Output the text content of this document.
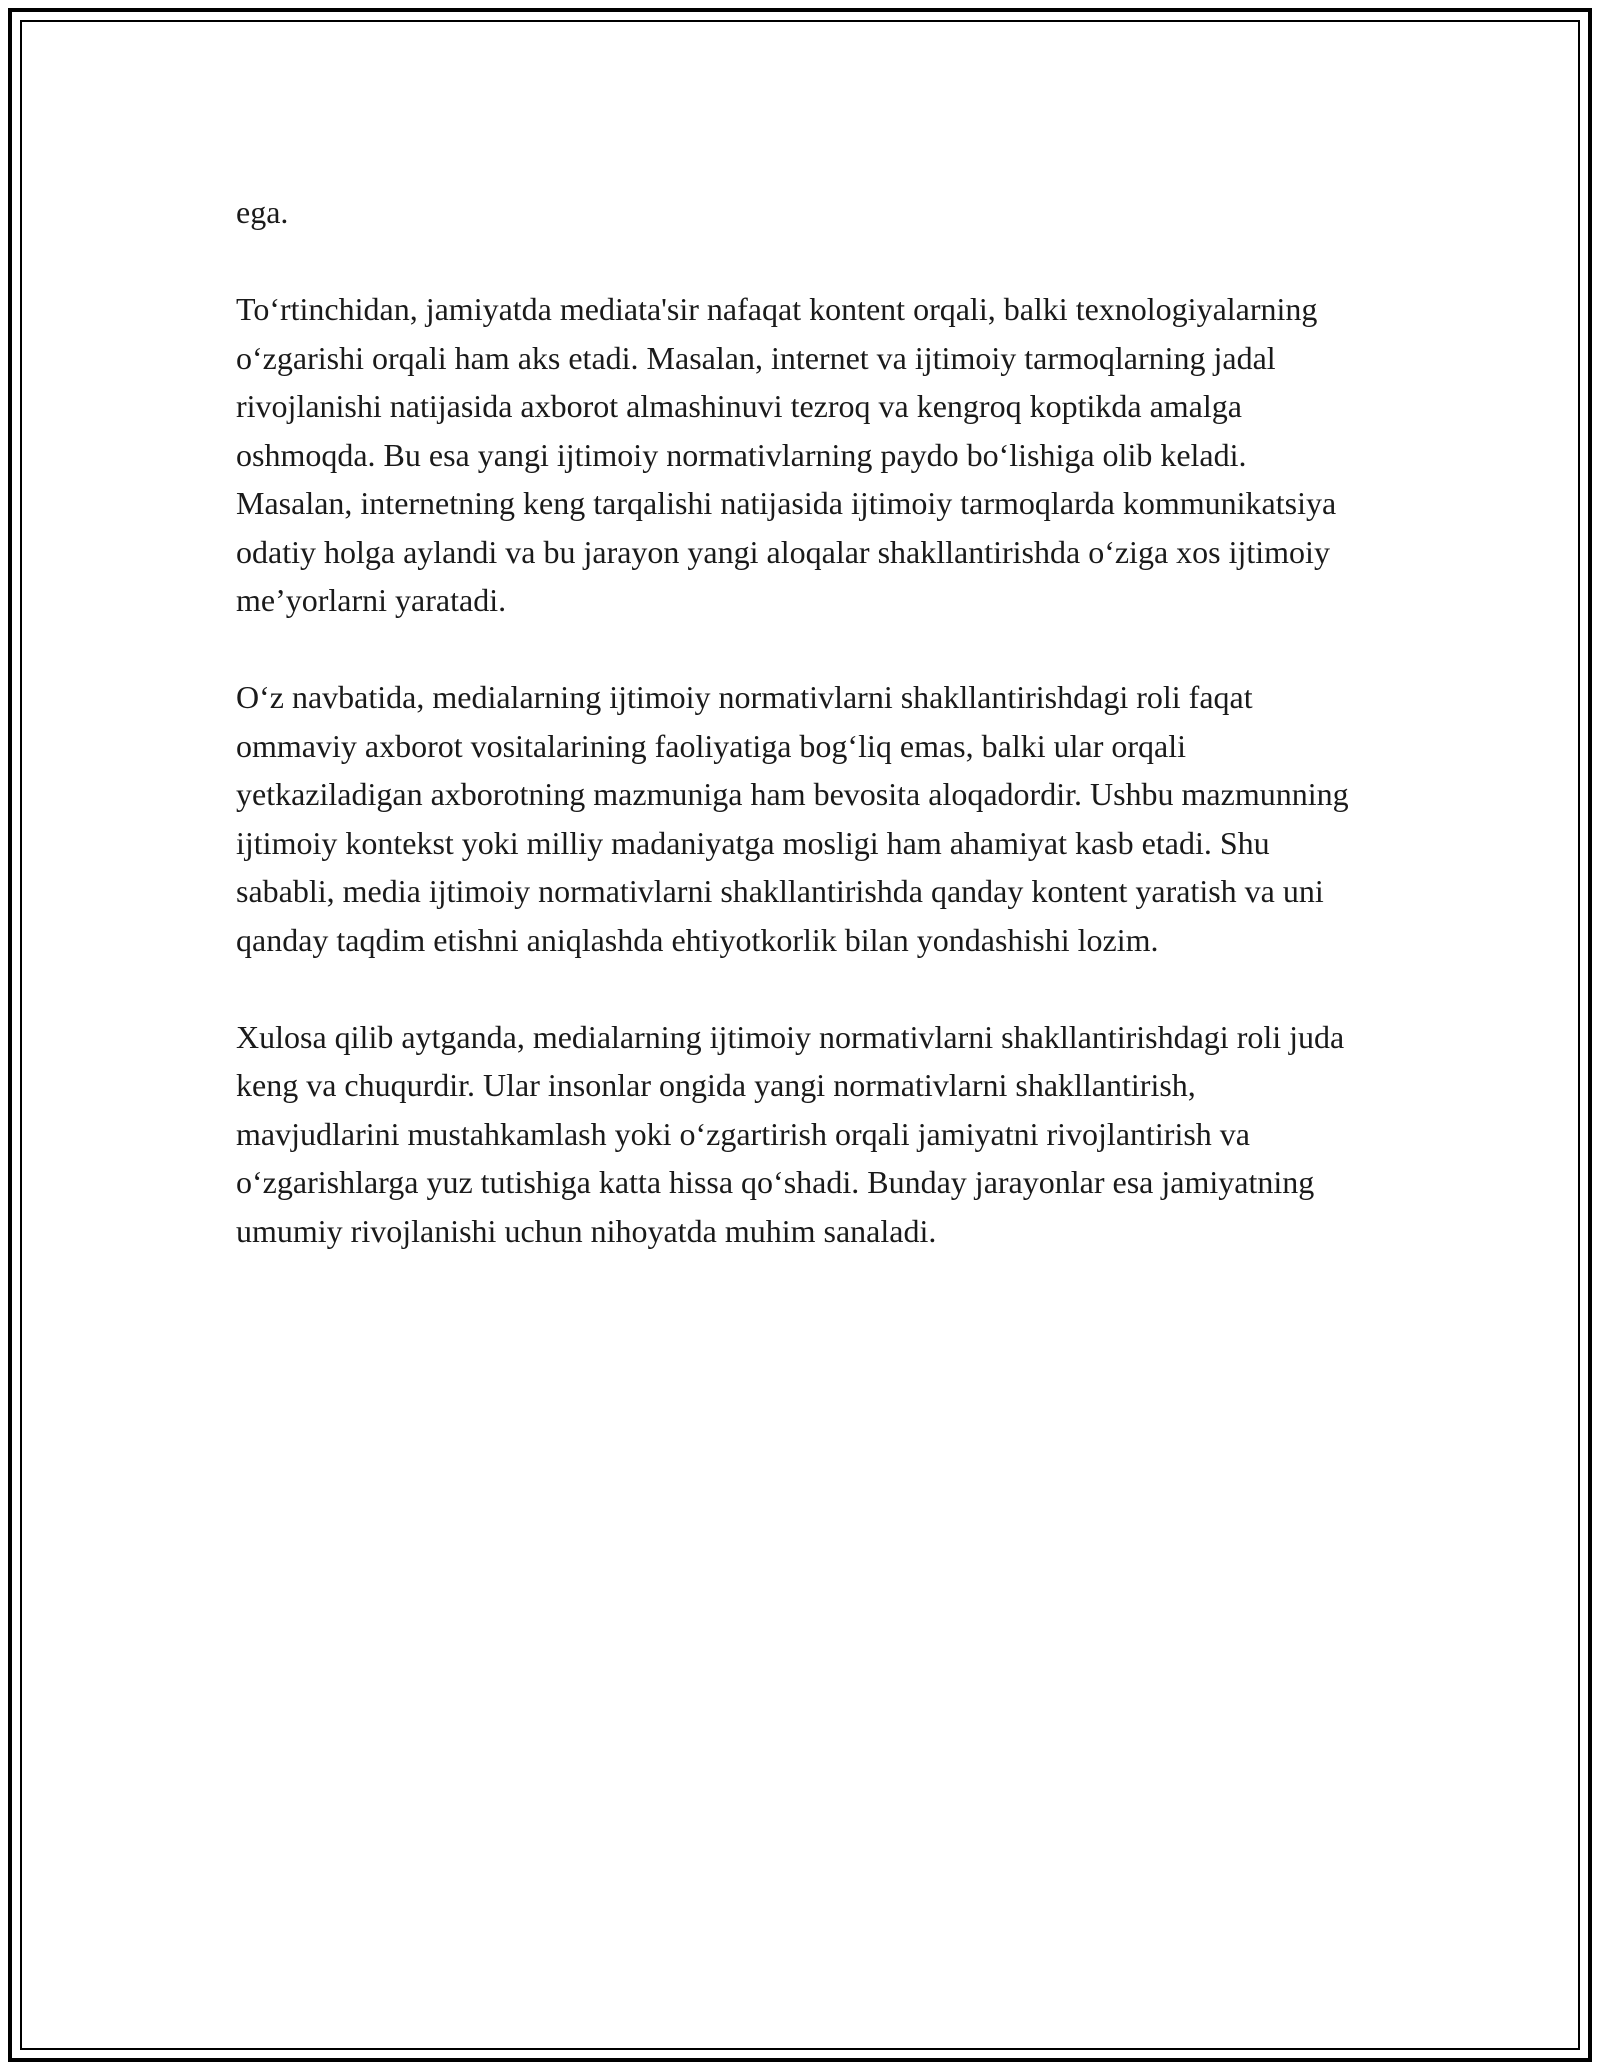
ega.

To‘rtinchidan, jamiyatda mediata'sir nafaqat kontent orqali, balki texnologiyalarning o‘zgarishi orqali ham aks etadi. Masalan, internet va ijtimoiy tarmoqlarning jadal rivojlanishi natijasida axborot almashinuvi tezroq va kengroq koptikda amalga oshmoqda. Bu esa yangi ijtimoiy normativlarning paydo bo‘lishiga olib keladi. Masalan, internetning keng tarqalishi natijasida ijtimoiy tarmoqlarda kommunikatsiya odatiy holga aylandi va bu jarayon yangi aloqalar shakllantirishda o‘ziga xos ijtimoiy me’yorlarni yaratadi.

O‘z navbatida, medialarning ijtimoiy normativlarni shakllantirishdagi roli faqat ommaviy axborot vositalarining faoliyatiga bog‘liq emas, balki ular orqali yetkaziladigan axborotning mazmuniga ham bevosita aloqadordir. Ushbu mazmunning ijtimoiy kontekst yoki milliy madaniyatga mosligi ham ahamiyat kasb etadi. Shu sababli, media ijtimoiy normativlarni shakllantirishda qanday kontent yaratish va uni qanday taqdim etishni aniqlashda ehtiyotkorlik bilan yondashishi lozim.

Xulosa qilib aytganda, medialarning ijtimoiy normativlarni shakllantirishdagi roli juda keng va chuqurdir. Ular insonlar ongida yangi normativlarni shakllantirish, mavjudlarini mustahkamlash yoki o‘zgartirish orqali jamiyatni rivojlantirish va o‘zgarishlarga yuz tutishiga katta hissa qo‘shadi. Bunday jarayonlar esa jamiyatning umumiy rivojlanishi uchun nihoyatda muhim sanaladi.
